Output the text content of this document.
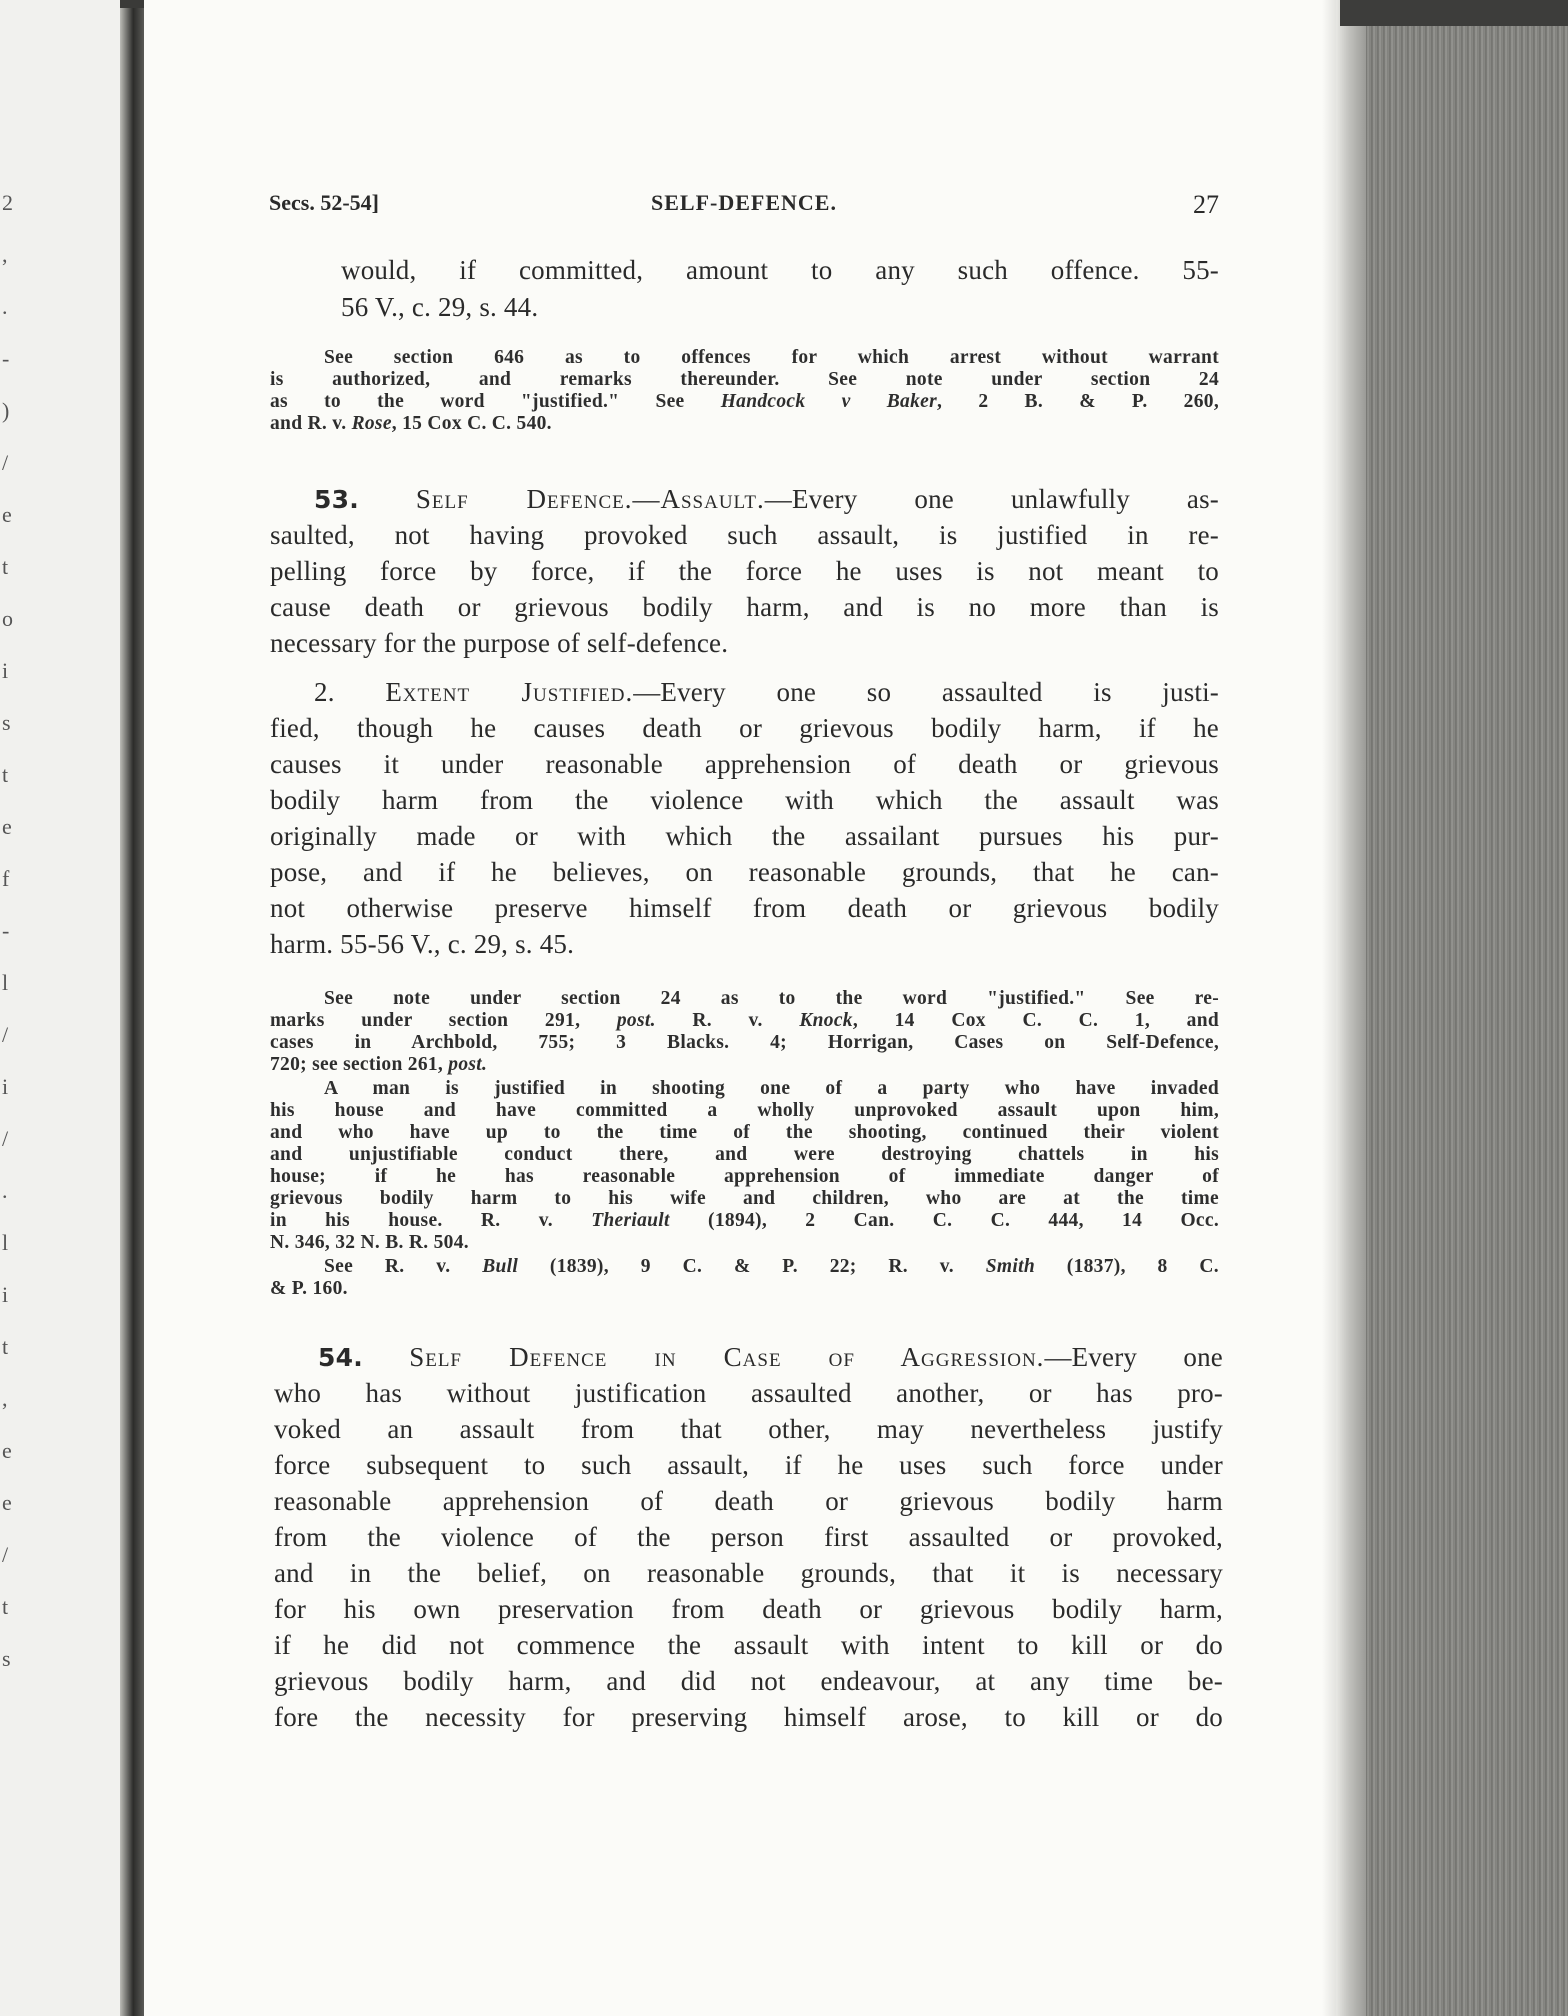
2
,
.
-
)
/
e
t
o
i
s
t
e
f
-
l
/
i
/
.
l
i
t
,
e
e
/
t
s
Secs. 52-54]	SELF-DEFENCE.	27
would, if committed, amount to any such offence. 55-
56 V., c. 29, s. 44.
See section 646 as to offences for which arrest without warrant
is authorized, and remarks thereunder. See note under section 24
as to the word "justified." See Handcock v Baker, 2 B. & P. 260,
and R. v. Rose, 15 Cox C. C. 540.
53. Self Defence.—Assault.—Every one unlawfully as-
saulted, not having provoked such assault, is justified in re-
pelling force by force, if the force he uses is not meant to
cause death or grievous bodily harm, and is no more than is
necessary for the purpose of self-defence.
2. Extent Justified.—Every one so assaulted is justi-
fied, though he causes death or grievous bodily harm, if he
causes it under reasonable apprehension of death or grievous
bodily harm from the violence with which the assault was
originally made or with which the assailant pursues his pur-
pose, and if he believes, on reasonable grounds, that he can-
not otherwise preserve himself from death or grievous bodily
harm. 55-56 V., c. 29, s. 45.
See note under section 24 as to the word "justified." See re-
marks under section 291, post. R. v. Knock, 14 Cox C. C. 1, and
cases in Archbold, 755; 3 Blacks. 4; Horrigan, Cases on Self-Defence,
720; see section 261, post.
A man is justified in shooting one of a party who have invaded
his house and have committed a wholly unprovoked assault upon him,
and who have up to the time of the shooting, continued their violent
and unjustifiable conduct there, and were destroying chattels in his
house; if he has reasonable apprehension of immediate danger of
grievous bodily harm to his wife and children, who are at the time
in his house. R. v. Theriault (1894), 2 Can. C. C. 444, 14 Occ.
N. 346, 32 N. B. R. 504.
See R. v. Bull (1839), 9 C. & P. 22; R. v. Smith (1837), 8 C.
& P. 160.
54. Self Defence in Case of Aggression.—Every one
who has without justification assaulted another, or has pro-
voked an assault from that other, may nevertheless justify
force subsequent to such assault, if he uses such force under
reasonable apprehension of death or grievous bodily harm
from the violence of the person first assaulted or provoked,
and in the belief, on reasonable grounds, that it is necessary
for his own preservation from death or grievous bodily harm,
if he did not commence the assault with intent to kill or do
grievous bodily harm, and did not endeavour, at any time be-
fore the necessity for preserving himself arose, to kill or do
